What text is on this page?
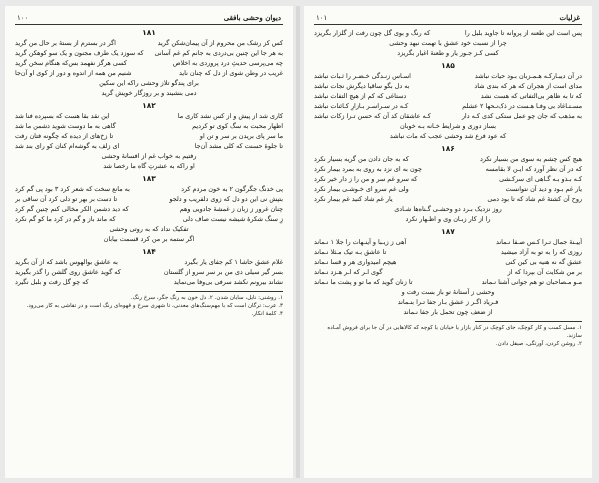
دیوان وحشی بافقی
۱۰۰
۱۸۱
کس کز رشک من محروم از آن پیمان‌شکن گرید
اگر در بسترم از بستهٔ بر حال من گرید
به هر جا این چنین بی‌دردی به جانم کم غم آسانی
که سوزد یک طرف مجنون و یک سو کوهکن گرید
چه می‌پرسی حدیثِ درد پروردی به اخلاص
کسی هرگز نفهمد بس‌که هنگام سخن گرید
غریب در وطن شوی از دل که چنان ناید
شنیم من همه از اندوه و دور از کوی او آن‌جا
برای پندگو تلاز وحشی راکه این سکین
دمی بنشیند و بر روزگار خویش گرید
۱۸۲
کاری شد از پیش و از کس نشد کاری ما
این نقد بقا هست که بسپرده فنا شد
اظهار محبت به سگ کوی تو کردیم
گاهی به ما دوست شوید دشمن ما شد
ما سر پای بریدن بر سر و تن او
تا زخ‌های از دیده که چگونه فتان رفت
تا جلوهٔ حسنت که کلی مشد آن‌جا
ای زلف به گوشه‌ام کنان کو رای بند شد
رفتیم به خواب غم از افسانهٔ وحشی
او راکه به عشرتِ گاه ما رخصا شد
۱۸۳
پی خدنگ جگرگون ۲ به خون مردم کرد
به مانع سخت که شعر کرد ۳ بود پی گم کرد
بتپش نی این دو دل که زوی دلفریب و دلجو
تا دست بر بهر تو دلی کرد آن ساقی بر
چنان غرور ز زبان ز غمشهٔ جادویی وهم
که دید دشمن الکر مخالی کنم چنین گم کرد
زِ سنگ شکرهٔ شیشه نیست صاف دلی
که ماند باز و گم در کرد ما کو گم نکرد
تفکیک نداد که به روتی وحشی
اگر ستمه بر من کرد قسمت بیابان
۱۸۴
غلام عشق حاشا ۱ کم جفای یار بگیرد
به عاشق بوالهوس باشد که از آن بگرید
بسر گیر سیلی دی من بر سر سرو از گلستان
که گوید عاشق روی گلشن را گذر بگیرید
نشاند بیرونم نکشد سرفی بی‌وفا می‌نماید
که چو گل رفت و بلبل نگیرد
۱. روشنی: نایل، سایان شدن. ۲. دل خون به رنگ جگر، سرخ رنگ.
۳. عرب: ترگان است که با مهم‌سنگ‌های معدنی، تا شهری سرخ و قهوه‌ای رنگ است و در تقاشی به کار می‌رود.
۴. کلمهٔ انکار.
غزلیات
۱۰۱
پس است این طعنه از پروانه تا جاوید بلبل را
که رنگ و بوی گل چون رفت از گلزار بگریزد
چرا از نسبت خود عشق با تهمت نبهد وحشی
کسی کـز جـور یار و طعنهٔ اغیار بگریزد
۱۸۵
در آن دیبـارکـه هـمـزبان بـود حیات نباشد
اسـاس زنـدگی خـضـر را ثـبات نباشد
مدای است از هجران که هر که بندی شاد
به دل بگو ساقیا دیگرش نجات نباشد
که تا به ظاهر بی‌التفاتی که هست نشد
دستاغی که کم از هیچ التفات نباشد
مسـتـاغاد بی‌ وفـا هـست در ذک‌نـحها ۲ عشلم
کـه در سـراسـر بـازارِ کـائنات نباشد
به مذهب که جان چو عمل ستکی کدی کـه دار
کـه عاشقان کد آن که حسن تـرا زکات نباشد
بساز دوری و شرایط خـانه‌ بـه خوبان
که عود فرع شد وحشی عجب که مات نباشد
۱۸۶
هیچ کس چشم به سوی من بسیار نکرد
که به جان دادن من گریه بسیار نکرد
که در آن نظر آورد که ایـن لا بقامسه
چون به ای نزد به روی به بمرد بیمار نکرد
کـه بـذو بـه گـاهی ای سرکـشی
که سرو غم سر و من را ز دار خیر نکرد
یار غم بـود و دید آن نتوانست
ولی غم سرو ای خـوشـی بیمار نکرد
روح آن کشتهٔ غم شاد که تا بود دمی
یار غم شاد کنید غم بیمار نکرد
روز نزدیک بـرد دو وحشـی گـناه‌ها شـادی
را از کار زبـان وی و اظـهار نکرد
۱۸۷
آییـنهٔ جمال تـرا کـس صـفا نـماند
آهی ز زیـبا و آینـهات را جلا ۱ نـماند
روزی که را به تو به آزاد میشید
تا عاشق بـه تیک مـثلا نـماند
عشق گه نه هنیه بی کین کنی
هیچم امیدواری هر و قسا نـماند
بر من شکایت آن بپردا که از
گوی اـر که اـر هـزد نـماند
مـو مـصاحبان تو هم جوانی آشنا نـماند
تا زنان گوید که ما تو و پشت ما نـماند
وحشی ز آستانهٔ تو باز بست رفت و
فـریاد اگـر ز عشق بـار جفا تـرا بنـماند
از ضعف چون تحمل بار جفا نـماند
۱. مسل کسب و کار کوچک، جای کوچک در کنار بازار یا خیابان یا کوچه که کالاهایی در آن جا برای فروش آمـاده
سازند.
۲. روشن کردن، آورتگی، صیقل دادن.
